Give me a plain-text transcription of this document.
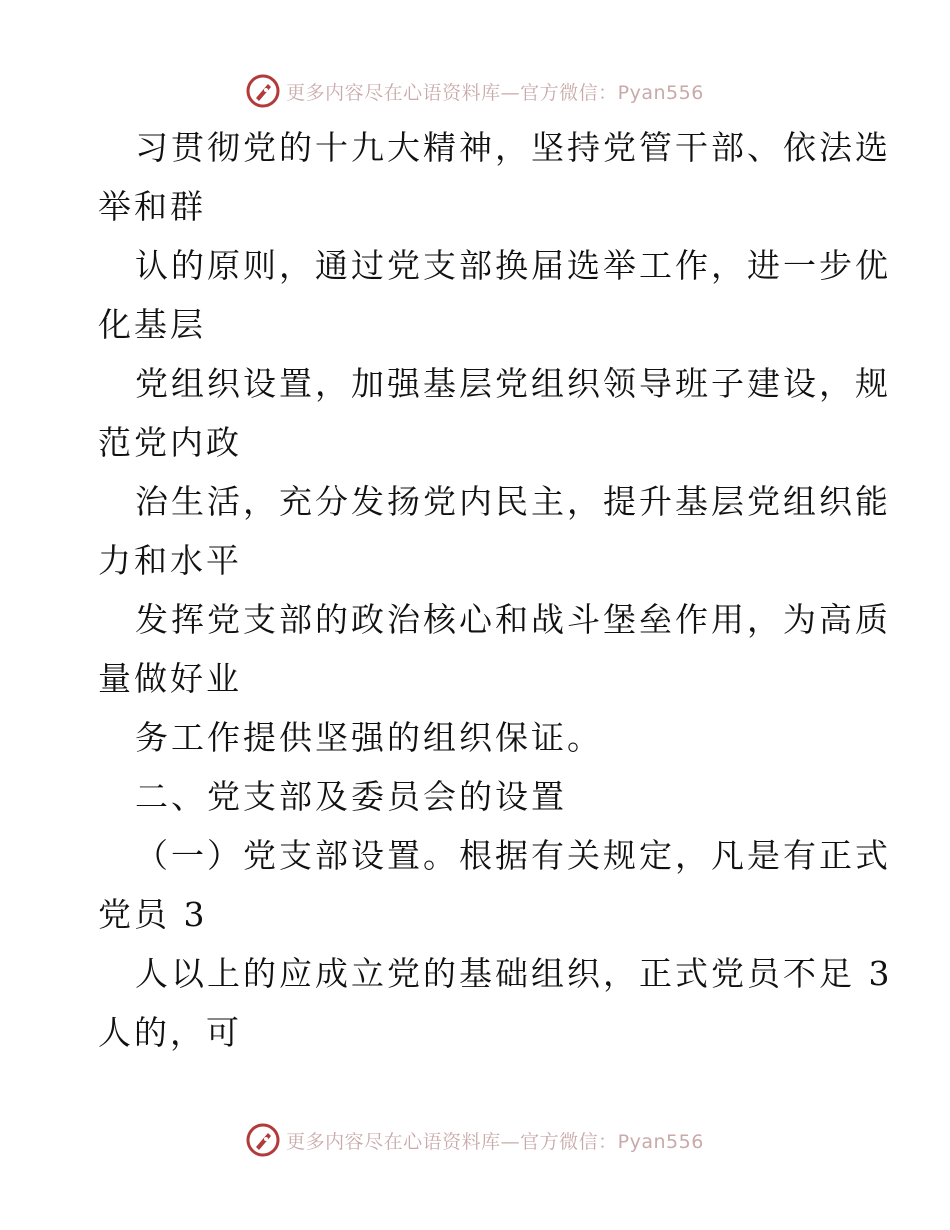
更多内容尽在心语资料库—官方微信：Pyan556
习贯彻党的十九大精神，坚持党管干部、依法选
举和群
认的原则，通过党支部换届选举工作，进一步优
化基层
党组织设置，加强基层党组织领导班子建设，规
范党内政
治生活，充分发扬党内民主，提升基层党组织能
力和水平
发挥党支部的政治核心和战斗堡垒作用，为高质
量做好业
务工作提供坚强的组织保证。
二、党支部及委员会的设置
（一）党支部设置。根据有关规定，凡是有正式
党员 3
人以上的应成立党的基础组织，正式党员不足 3
人的，可
更多内容尽在心语资料库—官方微信：Pyan556
